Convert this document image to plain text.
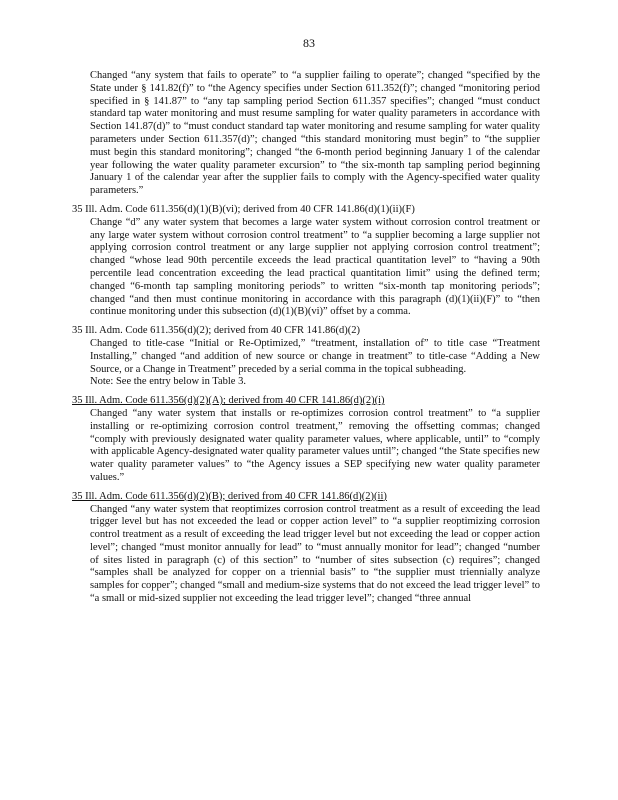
83

Changed “any system that fails to operate” to “a supplier failing to operate”; changed “specified by the State under § 141.82(f)” to “the Agency specifies under Section 611.352(f)”; changed “monitoring period specified in § 141.87” to “any tap sampling period Section 611.357 specifies”; changed “must conduct standard tap water monitoring and must resume sampling for water quality parameters in accordance with Section 141.87(d)” to “must conduct standard tap water monitoring and resume sampling for water quality parameters under Section 611.357(d)”; changed “this standard monitoring must begin” to “the supplier must begin this standard monitoring”; changed “the 6-month period beginning January 1 of the calendar year following the water quality parameter excursion” to “the six-month tap sampling period beginning January 1 of the calendar year after the supplier fails to comply with the Agency-specified water quality parameters.”

35 Ill. Adm. Code 611.356(d)(1)(B)(vi); derived from 40 CFR 141.86(d)(1)(ii)(F)

Change “d” any water system that becomes a large water system without corrosion control treatment or any large water system without corrosion control treatment” to “a supplier becoming a large supplier not applying corrosion control treatment or any large supplier not applying corrosion control treatment”; changed “whose lead 90th percentile exceeds the lead practical quantitation level” to “having a 90th percentile lead concentration exceeding the lead practical quantitation limit” using the defined term; changed “6-month tap sampling monitoring periods” to written “six-month tap monitoring periods”; changed “and then must continue monitoring in accordance with this paragraph (d)(1)(ii)(F)” to “then continue monitoring under this subsection (d)(1)(B)(vi)” offset by a comma.

35 Ill. Adm. Code 611.356(d)(2); derived from 40 CFR 141.86(d)(2)

Changed to title-case “Initial or Re-Optimized,” “treatment, installation of” to title case “Treatment Installing,” changed “and addition of new source or change in treatment” to title-case “Adding a New Source, or a Change in Treatment” preceded by a serial comma in the topical subheading.

Note: See the entry below in Table 3.

35 Ill. Adm. Code 611.356(d)(2)(A); derived from 40 CFR 141.86(d)(2)(i)

Changed “any water system that installs or re-optimizes corrosion control treatment” to “a supplier installing or re-optimizing corrosion control treatment,” removing the offsetting commas; changed “comply with previously designated water quality parameter values, where applicable, until” to “comply with applicable Agency-designated water quality parameter values until”; changed “the State specifies new water quality parameter values” to “the Agency issues a SEP specifying new water quality parameter values.”

35 Ill. Adm. Code 611.356(d)(2)(B); derived from 40 CFR 141.86(d)(2)(ii)

Changed “any water system that reoptimizes corrosion control treatment as a result of exceeding the lead trigger level but has not exceeded the lead or copper action level” to “a supplier reoptimizing corrosion control treatment as a result of exceeding the lead trigger level but not exceeding the lead or copper action level”; changed “must monitor annually for lead” to “must annually monitor for lead”; changed “number of sites listed in paragraph (c) of this section” to “number of sites subsection (c) requires”; changed “samples shall be analyzed for copper on a triennial basis” to “the supplier must triennially analyze samples for copper”; changed “small and medium-size systems that do not exceed the lead trigger level” to “a small or mid-sized supplier not exceeding the lead trigger level”; changed “three annual
